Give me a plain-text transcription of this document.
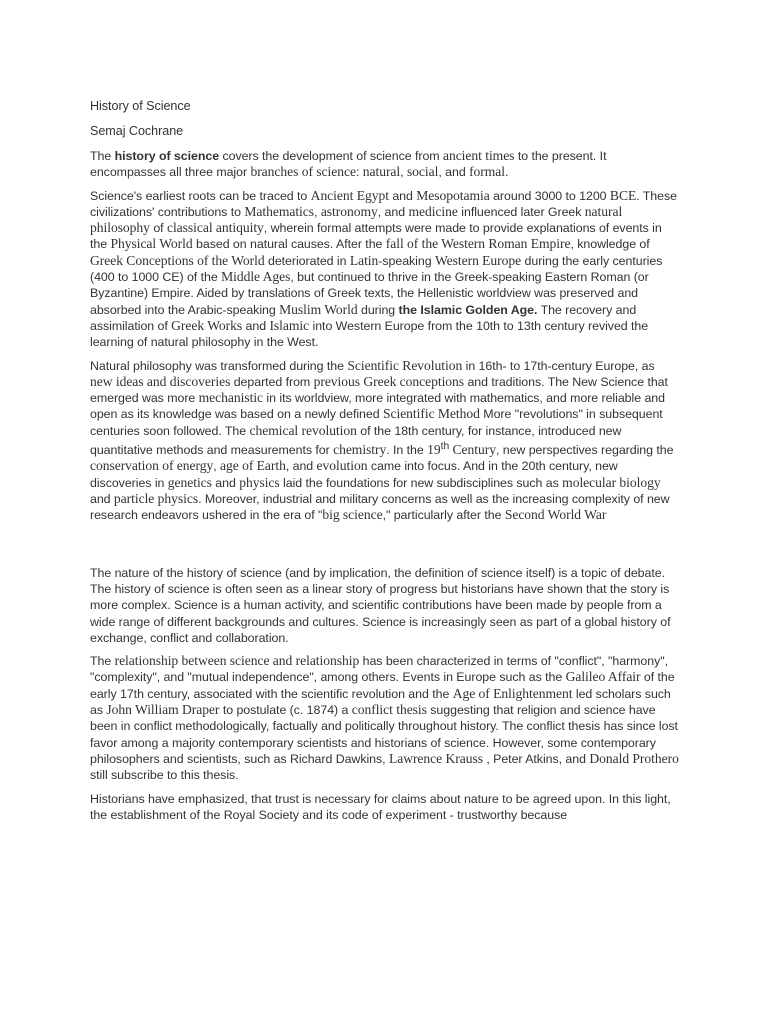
History of Science
Semaj Cochrane

The history of science covers the development of science from ancient times to the present. It encompasses all three major branches of science: natural, social, and formal.

Science's earliest roots can be traced to Ancient Egypt and Mesopotamia around 3000 to 1200 BCE. These civilizations' contributions to Mathematics, astronomy, and medicine influenced later Greek natural philosophy of classical antiquity, wherein formal attempts were made to provide explanations of events in the Physical World based on natural causes. After the fall of the Western Roman Empire, knowledge of Greek Conceptions of the World deteriorated in Latin-speaking Western Europe during the early centuries (400 to 1000 CE) of the Middle Ages, but continued to thrive in the Greek-speaking Eastern Roman (or Byzantine) Empire. Aided by translations of Greek texts, the Hellenistic worldview was preserved and absorbed into the Arabic-speaking Muslim World during the Islamic Golden Age. The recovery and assimilation of Greek Works and Islamic into Western Europe from the 10th to 13th century revived the learning of natural philosophy in the West.

Natural philosophy was transformed during the Scientific Revolution in 16th- to 17th-century Europe, as new ideas and discoveries departed from previous Greek conceptions and traditions. The New Science that emerged was more mechanistic in its worldview, more integrated with mathematics, and more reliable and open as its knowledge was based on a newly defined Scientific Method More "revolutions" in subsequent centuries soon followed. The chemical revolution of the 18th century, for instance, introduced new quantitative methods and measurements for chemistry. In the 19th Century, new perspectives regarding the conservation of energy, age of Earth, and evolution came into focus. And in the 20th century, new discoveries in genetics and physics laid the foundations for new subdisciplines such as molecular biology and particle physics. Moreover, industrial and military concerns as well as the increasing complexity of new research endeavors ushered in the era of "big science," particularly after the Second World War

The nature of the history of science (and by implication, the definition of science itself) is a topic of debate. The history of science is often seen as a linear story of progress but historians have shown that the story is more complex. Science is a human activity, and scientific contributions have been made by people from a wide range of different backgrounds and cultures. Science is increasingly seen as part of a global history of exchange, conflict and collaboration.

The relationship between science and relationship has been characterized in terms of "conflict", "harmony", "complexity", and "mutual independence", among others. Events in Europe such as the Galileo Affair of the early 17th century, associated with the scientific revolution and the Age of Enlightenment led scholars such as John William Draper to postulate (c. 1874) a conflict thesis suggesting that religion and science have been in conflict methodologically, factually and politically throughout history. The conflict thesis has since lost favor among a majority contemporary scientists and historians of science. However, some contemporary philosophers and scientists, such as Richard Dawkins, Lawrence Krauss , Peter Atkins, and Donald Prothero still subscribe to this thesis.

Historians have emphasized, that trust is necessary for claims about nature to be agreed upon. In this light, the establishment of the Royal Society and its code of experiment - trustworthy because
